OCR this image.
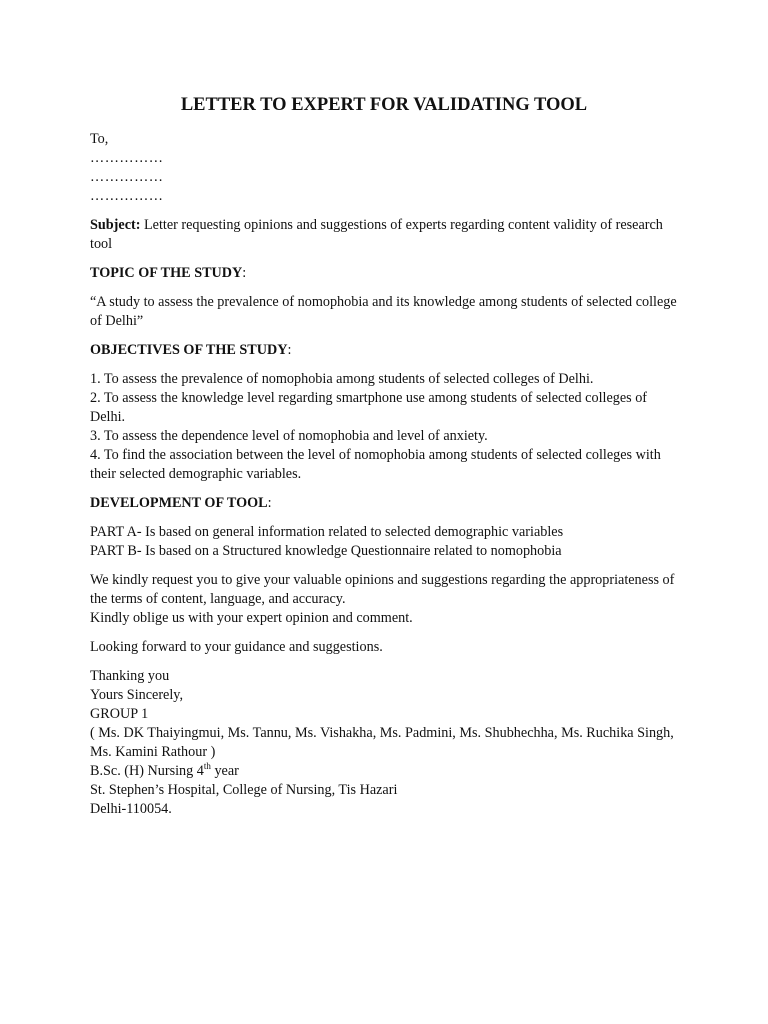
LETTER TO EXPERT FOR VALIDATING TOOL
To,
……………
……………
……………

Subject: Letter requesting opinions and suggestions of experts regarding content validity of research tool

TOPIC OF THE STUDY:

“A study to assess the prevalence of nomophobia and its knowledge among students of selected college of Delhi”

OBJECTIVES OF THE STUDY:

1. To assess the prevalence of nomophobia among students of selected colleges of Delhi.
2. To assess the knowledge level regarding smartphone use among students of selected colleges of Delhi.
3. To assess the dependence level of nomophobia and level of anxiety.
4. To find the association between the level of nomophobia among students of selected colleges with their selected demographic variables.

DEVELOPMENT OF TOOL:

PART A- Is based on general information related to selected demographic variables
PART B- Is based on a Structured knowledge Questionnaire related to nomophobia
We kindly request you to give your valuable opinions and suggestions regarding the appropriateness of the terms of content, language, and accuracy.
Kindly oblige us with your expert opinion and comment.

Looking forward to your guidance and suggestions.

Thanking you
Yours Sincerely,
GROUP 1
( Ms. DK Thaiyingmui, Ms. Tannu, Ms. Vishakha, Ms. Padmini, Ms. Shubhechha, Ms. Ruchika Singh, Ms. Kamini Rathour )
B.Sc. (H) Nursing 4th year
St. Stephen’s Hospital, College of Nursing, Tis Hazari
Delhi-110054.
